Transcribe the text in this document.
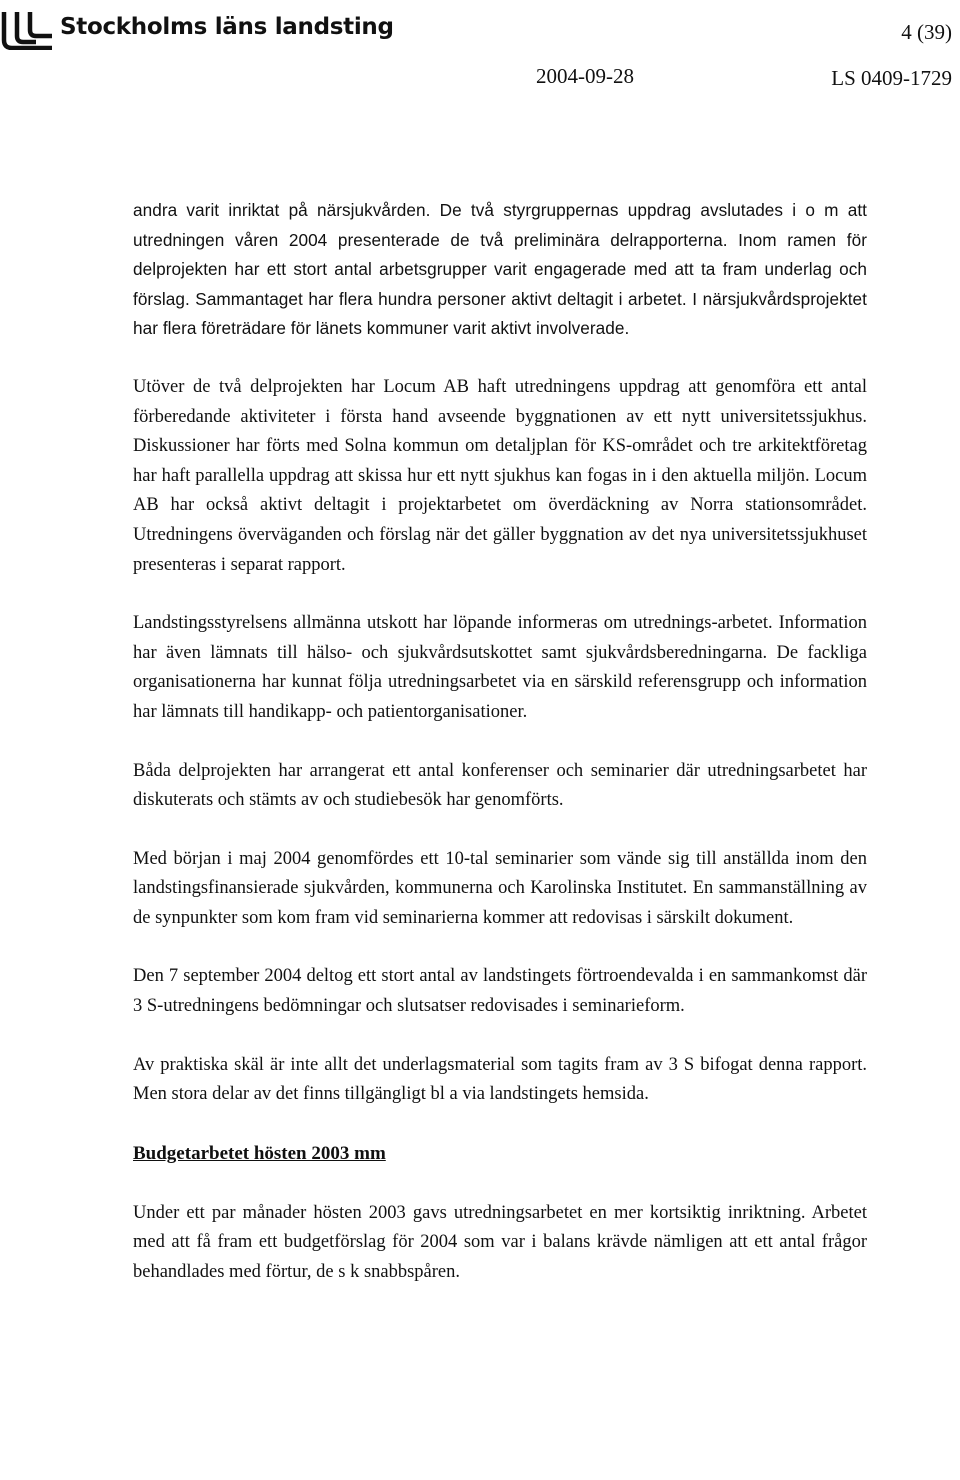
Stockholms läns landsting	4 (39)
2004-09-28	LS 0409-1729

andra varit inriktat på närsjukvården. De två styrgruppernas uppdrag avslutades i o m att utredningen våren 2004 presenterade de två preliminära delrapporterna. Inom ramen för delprojekten har ett stort antal arbetsgrupper varit engagerade med att ta fram underlag och förslag. Sammantaget har flera hundra personer aktivt deltagit i arbetet. I närsjukvårdsprojektet har flera företrädare för länets kommuner varit aktivt involverade.

Utöver de två delprojekten har Locum AB haft utredningens uppdrag att genomföra ett antal förberedande aktiviteter i första hand avseende byggnationen av ett nytt universitetssjukhus. Diskussioner har förts med Solna kommun om detaljplan för KS-området och tre arkitektföretag har haft parallella uppdrag att skissa hur ett nytt sjukhus kan fogas in i den aktuella miljön. Locum AB har också aktivt deltagit i projektarbetet om överdäckning av Norra stationsområdet. Utredningens överväganden och förslag när det gäller byggnation av det nya universitetssjukhuset presenteras i separat rapport.

Landstingsstyrelsens allmänna utskott har löpande informeras om utrednings-arbetet. Information har även lämnats till hälso- och sjukvårdsutskottet samt sjukvårdsberedningarna. De fackliga organisationerna har kunnat följa utredningsarbetet via en särskild referensgrupp och information har lämnats till handikapp- och patientorganisationer.

Båda delprojekten har arrangerat ett antal konferenser och seminarier där utredningsarbetet har diskuterats och stämts av och studiebesök har genomförts.

Med början i maj 2004 genomfördes ett 10-tal seminarier som vände sig till anställda inom den landstingsfinansierade sjukvården, kommunerna och Karolinska Institutet. En sammanställning av de synpunkter som kom fram vid seminarierna kommer att redovisas i särskilt dokument.

Den 7 september 2004 deltog ett stort antal av landstingets förtroendevalda i en sammankomst där 3 S-utredningens bedömningar och slutsatser redovisades i seminarieform.

Av praktiska skäl är inte allt det underlagsmaterial som tagits fram av 3 S bifogat denna rapport. Men stora delar av det finns tillgängligt bl a via landstingets hemsida.

Budgetarbetet hösten 2003 mm

Under ett par månader hösten 2003 gavs utredningsarbetet en mer kortsiktig inriktning. Arbetet med att få fram ett budgetförslag för 2004 som var i balans krävde nämligen att ett antal frågor behandlades med förtur, de s k snabbspåren.
